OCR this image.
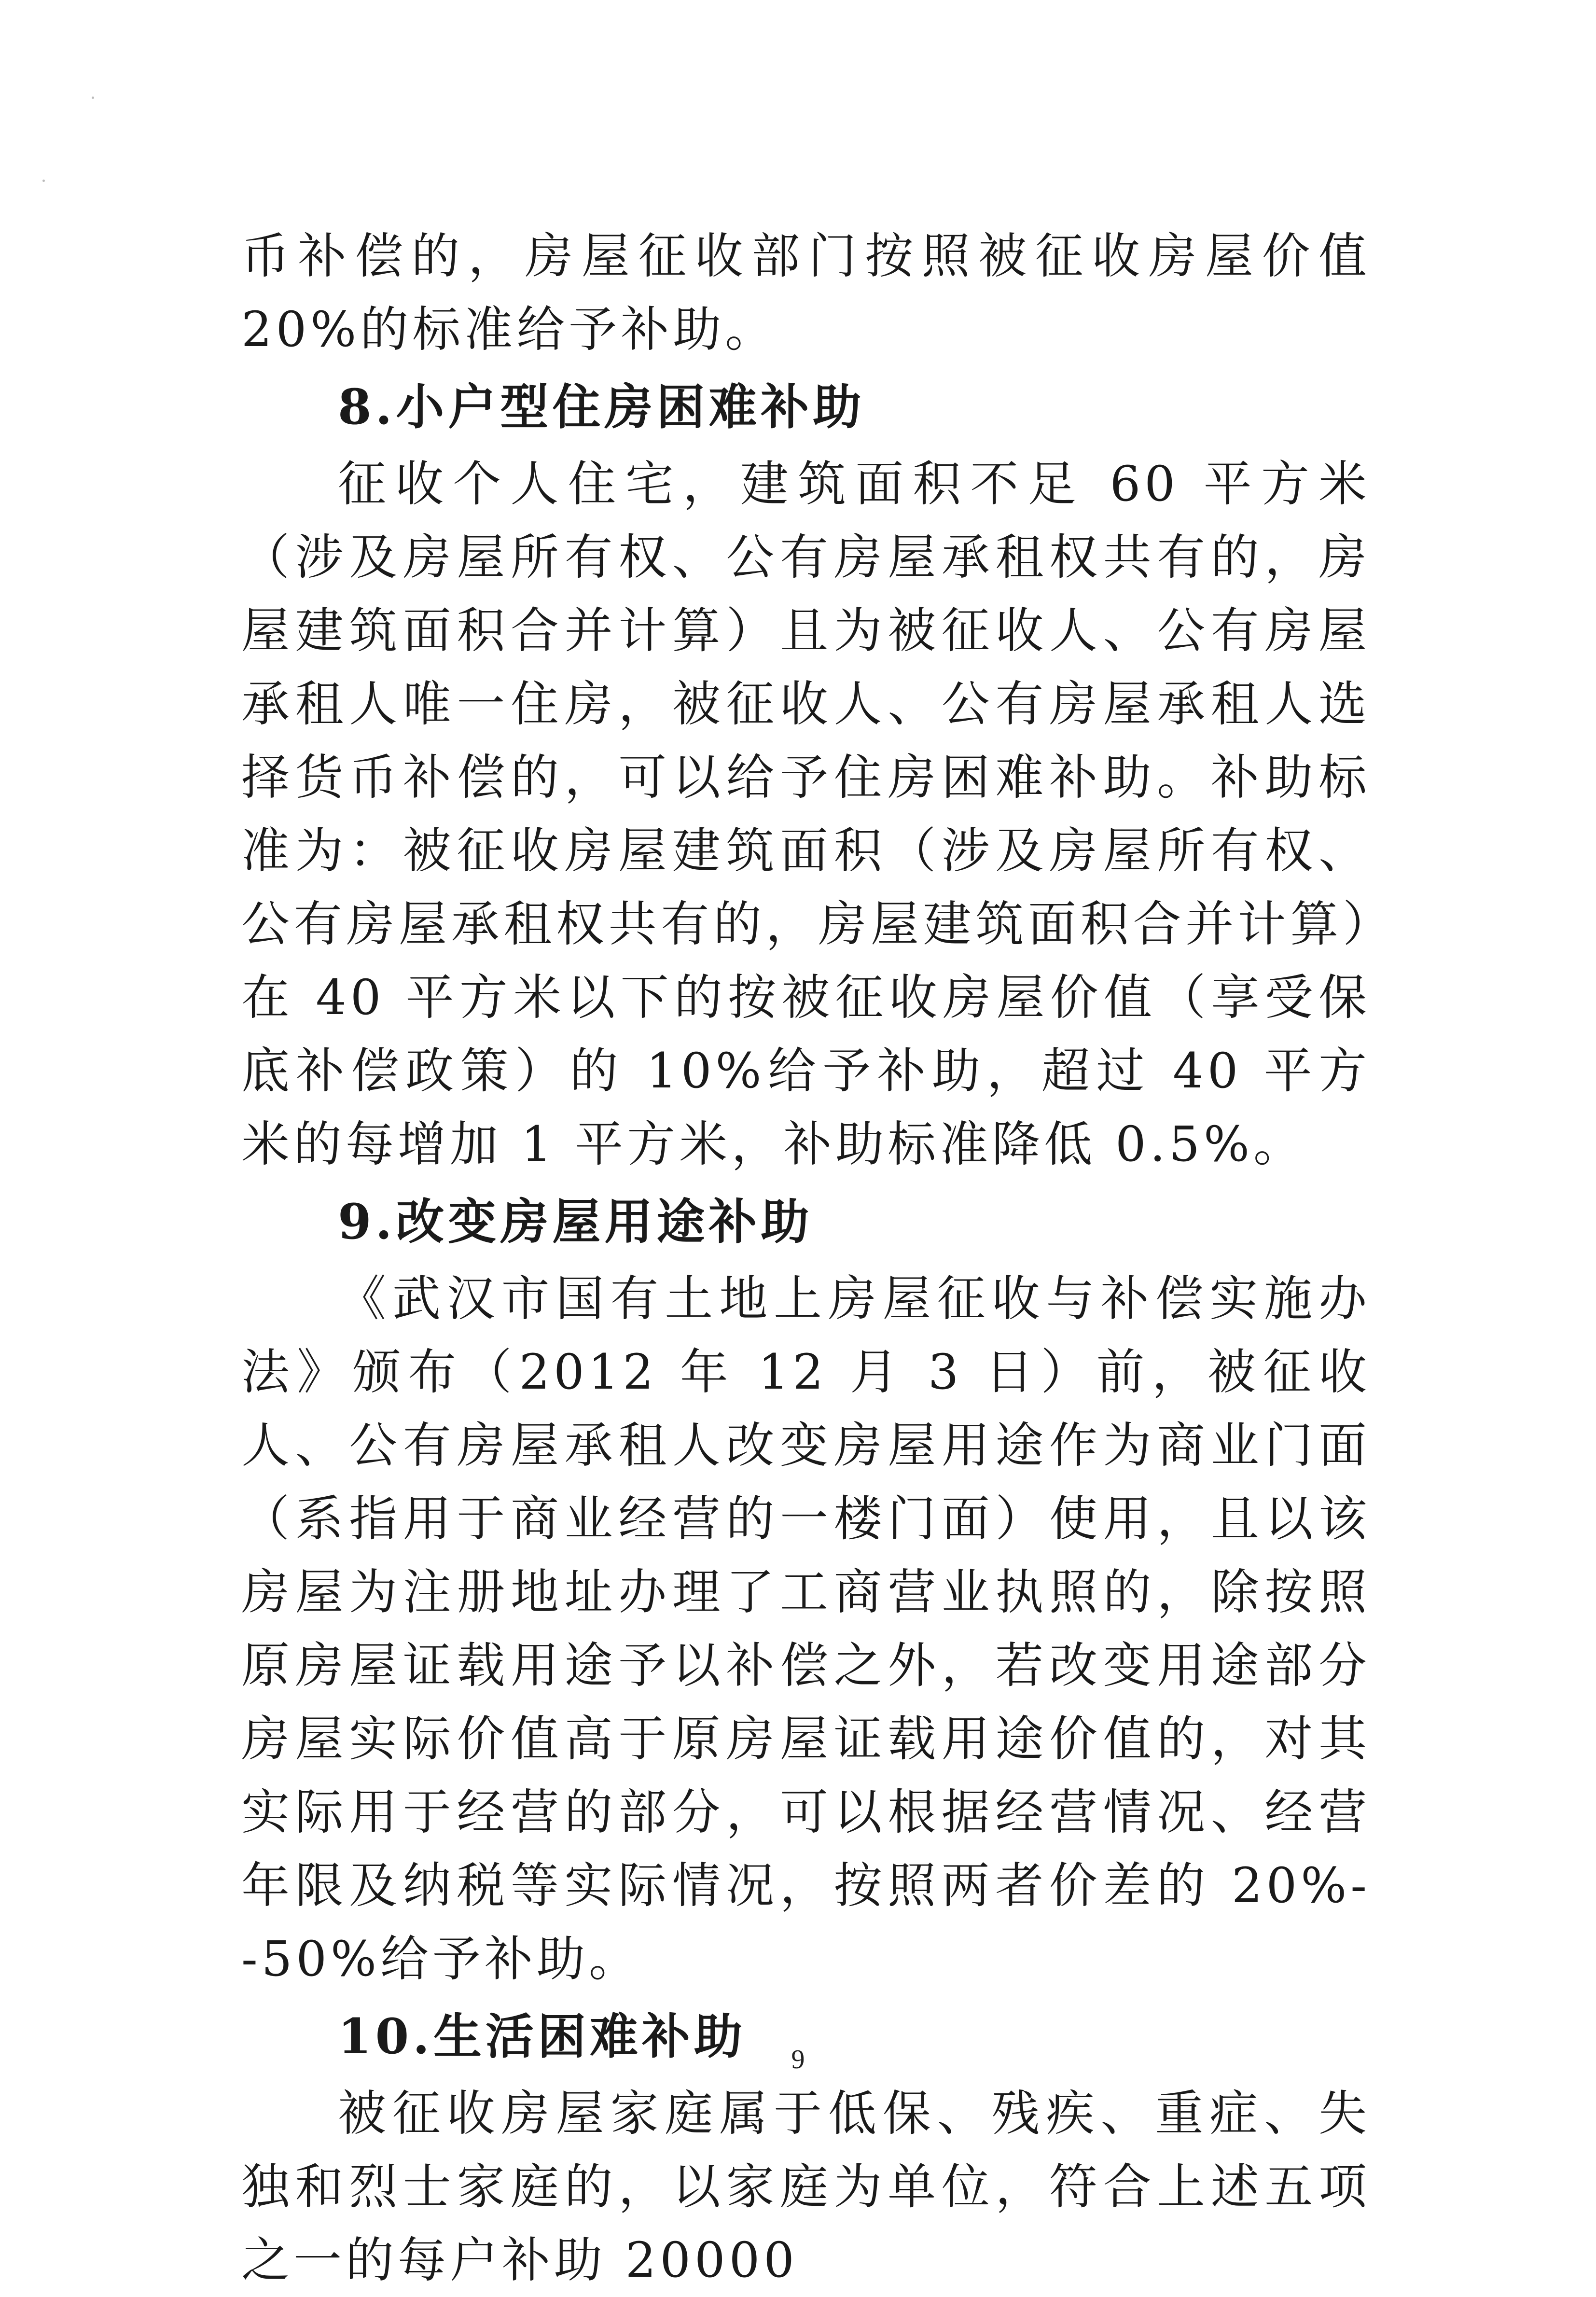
币补偿的，房屋征收部门按照被征收房屋价值 20%的标准给予补助。

8.小户型住房困难补助

征收个人住宅，建筑面积不足 60 平方米（涉及房屋所有权、公有房屋承租权共有的，房屋建筑面积合并计算）且为被征收人、公有房屋承租人唯一住房，被征收人、公有房屋承租人选择货币补偿的，可以给予住房困难补助。补助标准为：被征收房屋建筑面积（涉及房屋所有权、公有房屋承租权共有的，房屋建筑面积合并计算）在 40 平方米以下的按被征收房屋价值（享受保底补偿政策）的 10%给予补助，超过 40 平方米的每增加 1 平方米，补助标准降低 0.5%。

9.改变房屋用途补助

《武汉市国有土地上房屋征收与补偿实施办法》颁布（2012 年 12 月 3 日）前，被征收人、公有房屋承租人改变房屋用途作为商业门面（系指用于商业经营的一楼门面）使用，且以该房屋为注册地址办理了工商营业执照的，除按照原房屋证载用途予以补偿之外，若改变用途部分房屋实际价值高于原房屋证载用途价值的，对其实际用于经营的部分，可以根据经营情况、经营年限及纳税等实际情况，按照两者价差的 20%--50%给予补助。

10.生活困难补助

被征收房屋家庭属于低保、残疾、重症、失独和烈士家庭的，以家庭为单位，符合上述五项之一的每户补助 20000

9
